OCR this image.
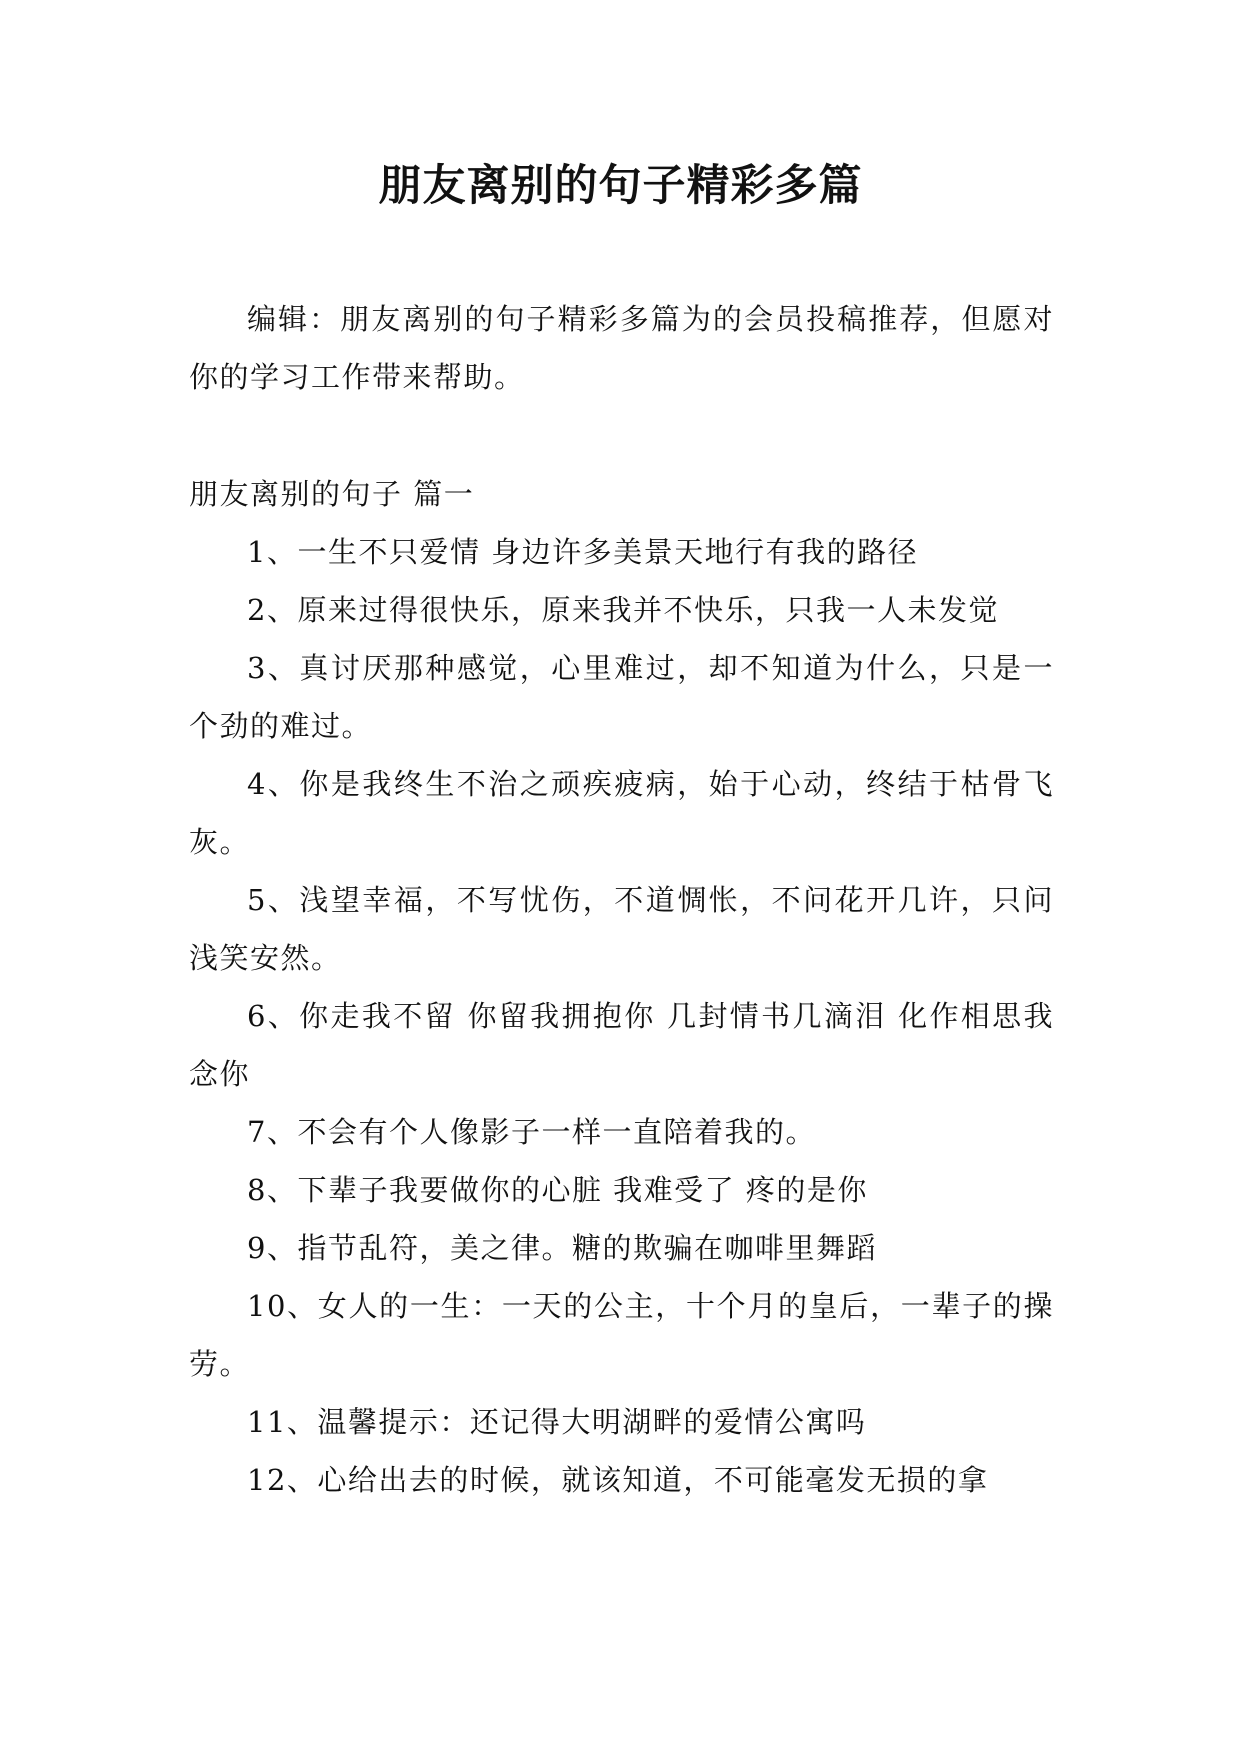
朋友离别的句子精彩多篇

编辑：朋友离别的句子精彩多篇为的会员投稿推荐，但愿对你的学习工作带来帮助。

朋友离别的句子 篇一

1、一生不只爱情 身边许多美景天地行有我的路径

2、原来过得很快乐，原来我并不快乐，只我一人未发觉

3、真讨厌那种感觉，心里难过，却不知道为什么，只是一个劲的难过。

4、你是我终生不治之顽疾疲病，始于心动，终结于枯骨飞灰。

5、浅望幸福，不写忧伤，不道惆怅，不问花开几许，只问浅笑安然。

6、你走我不留 你留我拥抱你 几封情书几滴泪 化作相思我念你

7、不会有个人像影子一样一直陪着我的。

8、下辈子我要做你的心脏 我难受了 疼的是你

9、指节乱符，美之律。糖的欺骗在咖啡里舞蹈

10、女人的一生：一天的公主，十个月的皇后，一辈子的操劳。

11、温馨提示：还记得大明湖畔的爱情公寓吗

12、心给出去的时候，就该知道，不可能毫发无损的拿
